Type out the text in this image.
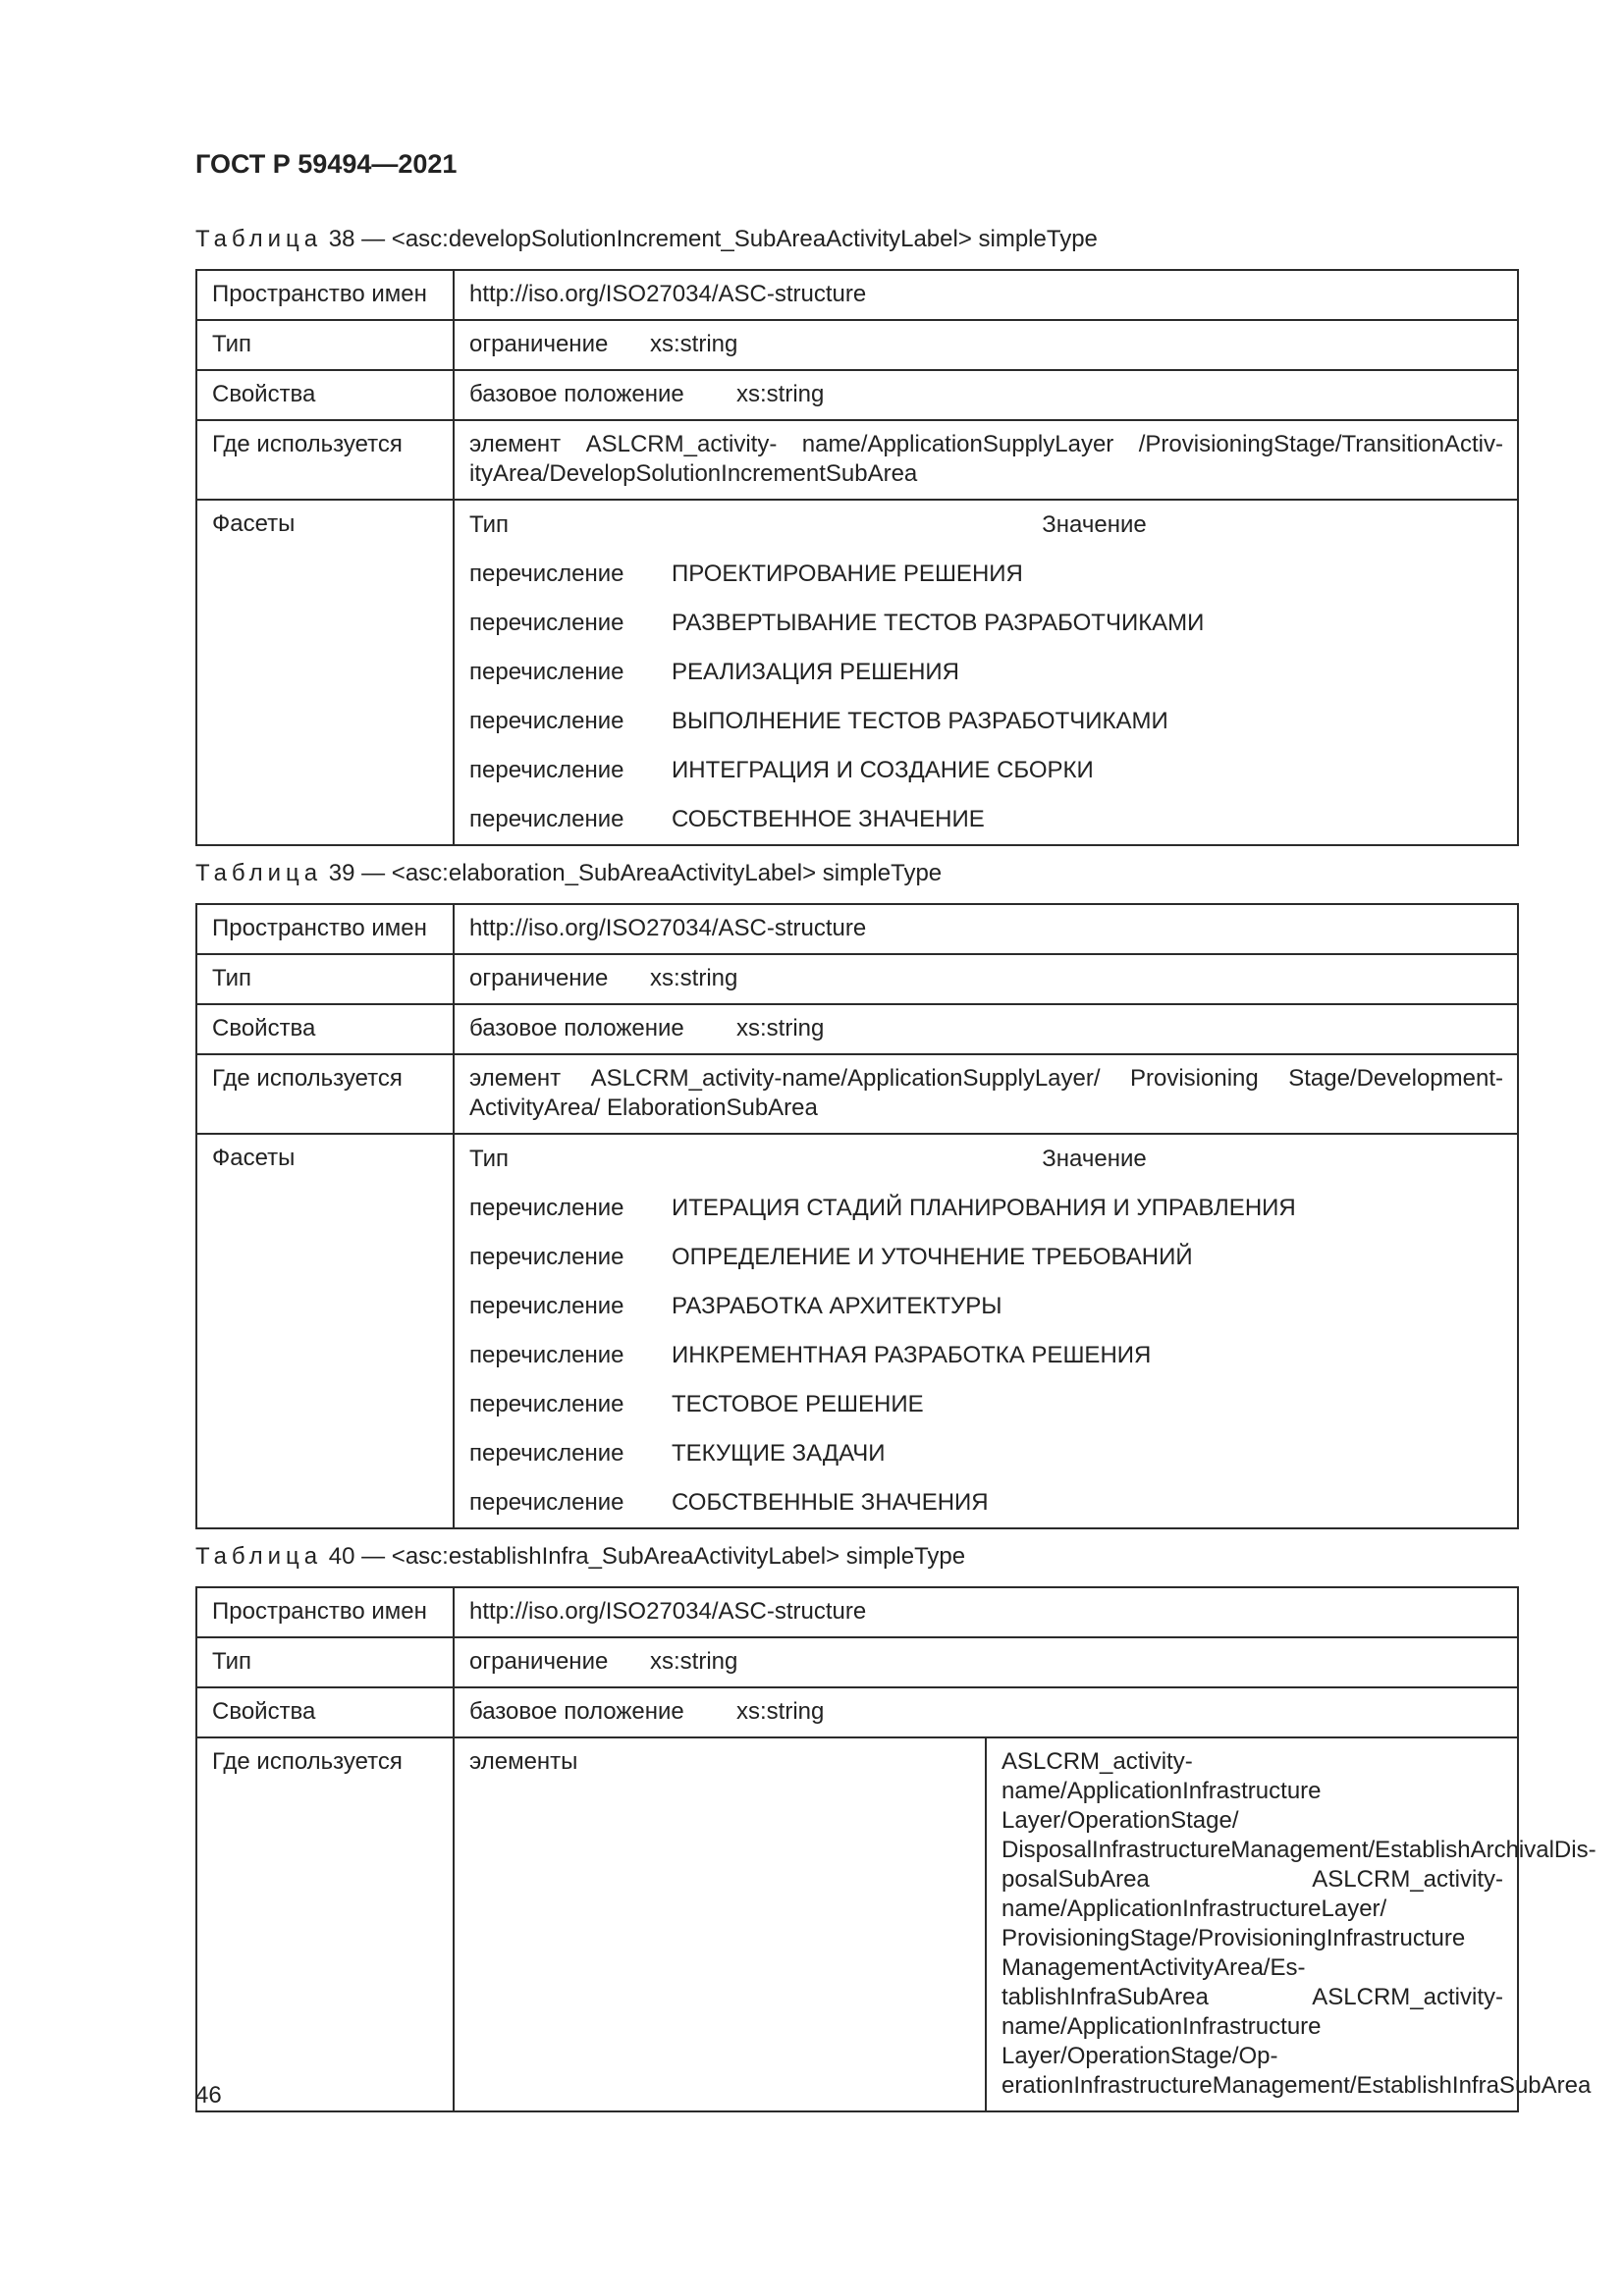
ГОСТ Р 59494—2021
Таблица 38 — <asc:developSolutionIncrement_SubAreaActivityLabel> simpleType
Пространство имен	http://iso.org/ISO27034/ASC-structure
Тип	ограничение xs:string
Свойства	базовое положение xs:string
Где используется	элемент ASLCRM_activity- name/ApplicationSupplyLayer /ProvisioningStage/TransitionActiv-ityArea/DevelopSolutionIncrementSubArea
Фасеты		Тип	Значение
перечисление	ПРОЕКТИРОВАНИЕ РЕШЕНИЯ
перечисление	РАЗВЕРТЫВАНИЕ ТЕСТОВ РАЗРАБОТЧИКАМИ
перечисление	РЕАЛИЗАЦИЯ РЕШЕНИЯ
перечисление	ВЫПОЛНЕНИЕ ТЕСТОВ РАЗРАБОТЧИКАМИ
перечисление	ИНТЕГРАЦИЯ И СОЗДАНИЕ СБОРКИ
перечисление	СОБСТВЕННОЕ ЗНАЧЕНИЕ
Таблица 39 — <asc:elaboration_SubAreaActivityLabel> simpleType
Пространство имен	http://iso.org/ISO27034/ASC-structure
Тип	ограничение xs:string
Свойства	базовое положение xs:string
Где используется	элемент ASLCRM_activity-name/ApplicationSupplyLayer/ Provisioning Stage/Development-ActivityArea/ ElaborationSubArea
Фасеты		Тип	Значение
перечисление	ИТЕРАЦИЯ СТАДИЙ ПЛАНИРОВАНИЯ И УПРАВЛЕНИЯ
перечисление	ОПРЕДЕЛЕНИЕ И УТОЧНЕНИЕ ТРЕБОВАНИЙ
перечисление	РАЗРАБОТКА АРХИТЕКТУРЫ
перечисление	ИНКРЕМЕНТНАЯ РАЗРАБОТКА РЕШЕНИЯ
перечисление	ТЕСТОВОЕ РЕШЕНИЕ
перечисление	ТЕКУЩИЕ ЗАДАЧИ
перечисление	СОБСТВЕННЫЕ ЗНАЧЕНИЯ
Таблица 40 — <asc:establishInfra_SubAreaActivityLabel> simpleType
Пространство имен	http://iso.org/ISO27034/ASC-structure	
Тип	ограничение xs:string	
Свойства	базовое положение xs:string	
Где используется	элементы	ASLCRM_activity-name/ApplicationInfrastructure Layer/OperationStage/ DisposalInfrastructureManagement/EstablishArchivalDis-posalSubArea ASLCRM_activity-name/ApplicationInfrastructureLayer/ ProvisioningStage/ProvisioningInfrastructure ManagementActivityArea/Es-tablishInfraSubArea ASLCRM_activity-name/ApplicationInfrastructure Layer/OperationStage/Op-erationInfrastructureManagement/EstablishInfraSubArea
46
